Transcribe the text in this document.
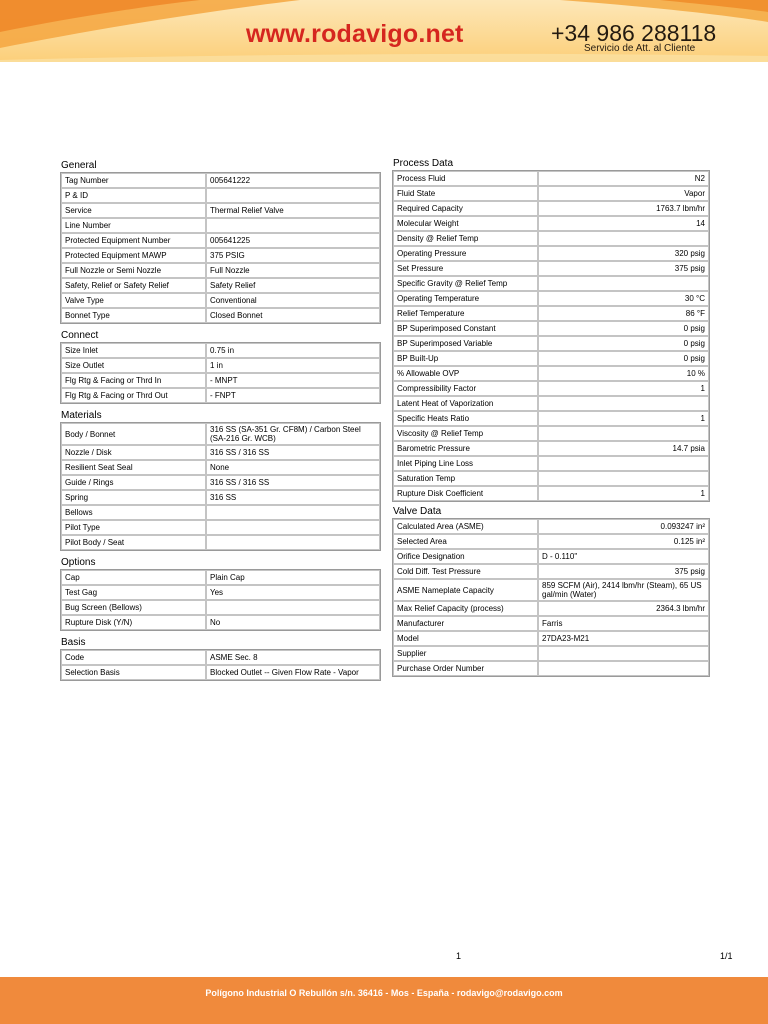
www.rodavigo.net	+34 986 288118
Servicio de Att. al Cliente
General
Tag Number	005641222
P & ID	
Service	Thermal Relief Valve
Line Number	
Protected Equipment Number	005641225
Protected Equipment MAWP	375 PSIG
Full Nozzle or Semi Nozzle	Full Nozzle
Safety, Relief or Safety Relief	Safety Relief
Valve Type	Conventional
Bonnet Type	Closed Bonnet
Connect
Size Inlet	0.75 in
Size Outlet	1 in
Flg Rtg & Facing or Thrd In	- MNPT
Flg Rtg & Facing or Thrd Out	- FNPT
Materials
Body / Bonnet	316 SS (SA-351 Gr. CF8M) / Carbon Steel (SA-216 Gr. WCB)
Nozzle / Disk	316 SS / 316 SS
Resilient Seat Seal	None
Guide / Rings	316 SS / 316 SS
Spring	316 SS
Bellows	
Pilot Type	
Pilot Body / Seat	
Options
Cap	Plain Cap
Test Gag	Yes
Bug Screen (Bellows)	
Rupture Disk (Y/N)	No
Basis
Code	ASME Sec. 8
Selection Basis	Blocked Outlet -- Given Flow Rate - Vapor
Process Data
Process Fluid	N2
Fluid State	Vapor
Required Capacity	1763.7 lbm/hr
Molecular Weight	14
Density @ Relief Temp	
Operating Pressure	320 psig
Set Pressure	375 psig
Specific Gravity @ Relief Temp	
Operating Temperature	30 °C
Relief Temperature	86 °F
BP Superimposed Constant	0 psig
BP Superimposed Variable	0 psig
BP Built-Up	0 psig
% Allowable OVP	10 %
Compressibility Factor	1
Latent Heat of Vaporization	
Specific Heats Ratio	1
Viscosity @ Relief Temp	
Barometric Pressure	14.7 psia
Inlet Piping Line Loss	
Saturation Temp	
Rupture Disk Coefficient	1
Valve Data
Calculated Area (ASME)	0.093247 in²
Selected Area	0.125 in²
Orifice Designation	D - 0.110"
Cold Diff. Test Pressure	375 psig
ASME Nameplate Capacity	859 SCFM (Air), 2414 lbm/hr (Steam), 65 US gal/min (Water)
Max Relief Capacity (process)	2364.3 lbm/hr
Manufacturer	Farris
Model	27DA23-M21
Supplier	
Purchase Order Number	
1	1/1
Polígono Industrial O Rebullón s/n. 36416 - Mos - España - rodavigo@rodavigo.com
